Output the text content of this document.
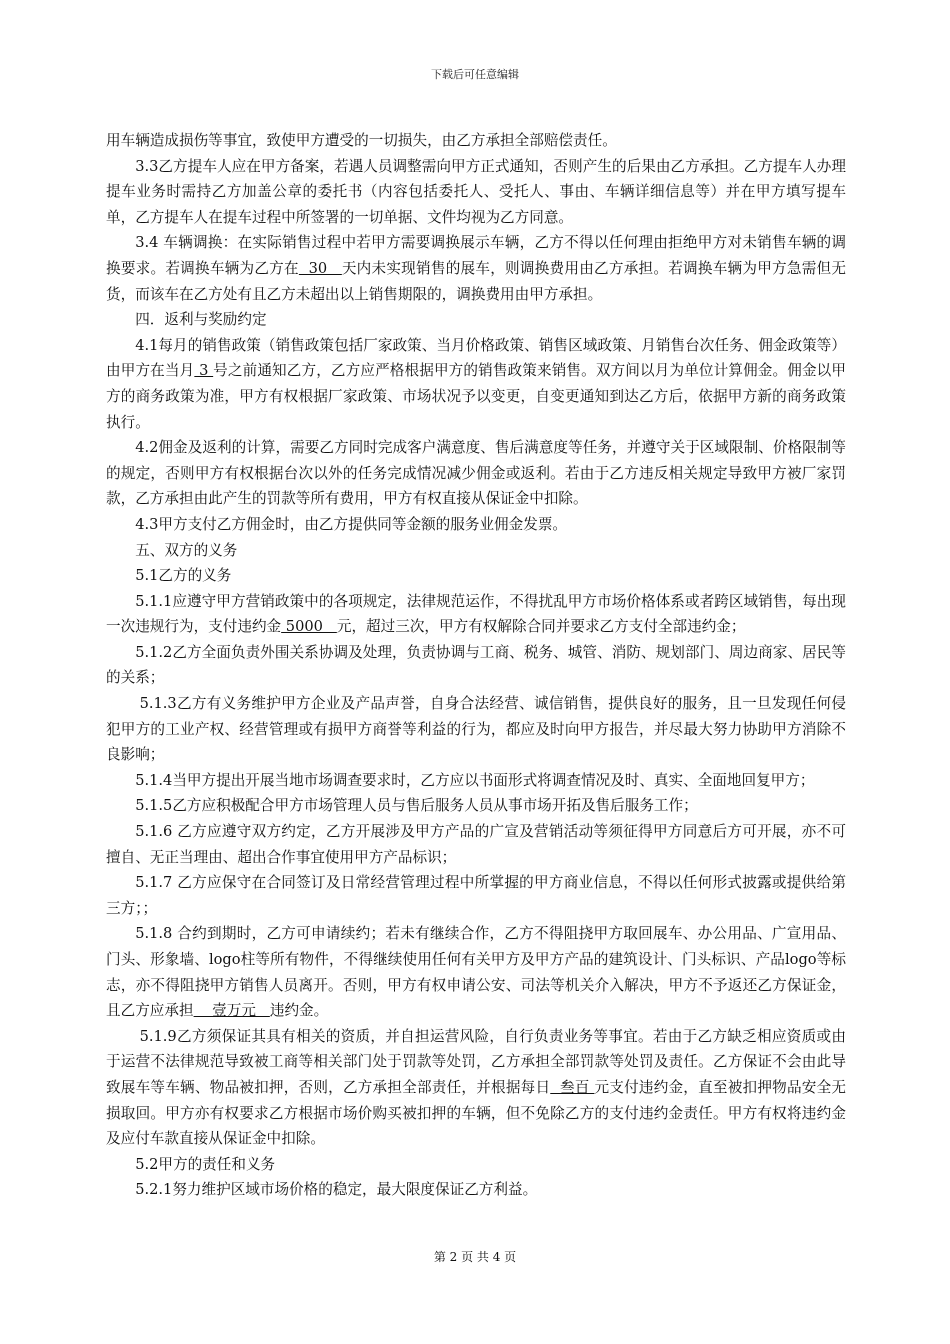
下载后可任意编辑

用车辆造成损伤等事宜，致使甲方遭受的一切损失，由乙方承担全部赔偿责任。

3.3乙方提车人应在甲方备案，若遇人员调整需向甲方正式通知，否则产生的后果由乙方承担。乙方提车人办理提车业务时需持乙方加盖公章的委托书（内容包括委托人、受托人、事由、车辆详细信息等）并在甲方填写提车单，乙方提车人在提车过程中所签署的一切单据、文件均视为乙方同意。

3.4 车辆调换：在实际销售过程中若甲方需要调换展示车辆，乙方不得以任何理由拒绝甲方对未销售车辆的调换要求。若调换车辆为乙方在  30   天内未实现销售的展车，则调换费用由乙方承担。若调换车辆为甲方急需但无货，而该车在乙方处有且乙方未超出以上销售期限的，调换费用由甲方承担。

四．返利与奖励约定

4.1每月的销售政策（销售政策包括厂家政策、当月价格政策、销售区域政策、月销售台次任务、佣金政策等）由甲方在当月 3 号之前通知乙方，乙方应严格根据甲方的销售政策来销售。双方间以月为单位计算佣金。佣金以甲方的商务政策为准，甲方有权根据厂家政策、市场状况予以变更，自变更通知到达乙方后，依据甲方新的商务政策执行。

4.2佣金及返利的计算，需要乙方同时完成客户满意度、售后满意度等任务，并遵守关于区域限制、价格限制等的规定，否则甲方有权根据台次以外的任务完成情况减少佣金或返利。若由于乙方违反相关规定导致甲方被厂家罚款，乙方承担由此产生的罚款等所有费用，甲方有权直接从保证金中扣除。

4.3甲方支付乙方佣金时，由乙方提供同等金额的服务业佣金发票。

五、双方的义务

5.1乙方的义务

5.1.1应遵守甲方营销政策中的各项规定，法律规范运作，不得扰乱甲方市场价格体系或者跨区域销售，每出现一次违规行为，支付违约金 5000   元，超过三次，甲方有权解除合同并要求乙方支付全部违约金；

5.1.2乙方全面负责外围关系协调及处理，负责协调与工商、税务、城管、消防、规划部门、周边商家、居民等的关系；

5.1.3乙方有义务维护甲方企业及产品声誉，自身合法经营、诚信销售，提供良好的服务，且一旦发现任何侵犯甲方的工业产权、经营管理或有损甲方商誉等利益的行为，都应及时向甲方报告，并尽最大努力协助甲方消除不良影响；

5.1.4当甲方提出开展当地市场调查要求时，乙方应以书面形式将调查情况及时、真实、全面地回复甲方；

5.1.5乙方应积极配合甲方市场管理人员与售后服务人员从事市场开拓及售后服务工作；

5.1.6 乙方应遵守双方约定，乙方开展涉及甲方产品的广宣及营销活动等须征得甲方同意后方可开展，亦不可擅自、无正当理由、超出合作事宜使用甲方产品标识；

5.1.7 乙方应保守在合同签订及日常经营管理过程中所掌握的甲方商业信息，不得以任何形式披露或提供给第三方；；

5.1.8 合约到期时，乙方可申请续约；若未有继续合作，乙方不得阻挠甲方取回展车、办公用品、广宣用品、门头、形象墙、logo柱等所有物件，不得继续使用任何有关甲方及甲方产品的建筑设计、门头标识、产品logo等标志，亦不得阻挠甲方销售人员离开。否则，甲方有权申请公安、司法等机关介入解决，甲方不予返还乙方保证金，且乙方应承担    壹万元   违约金。

5.1.9乙方须保证其具有相关的资质，并自担运营风险，自行负责业务等事宜。若由于乙方缺乏相应资质或由于运营不法律规范导致被工商等相关部门处于罚款等处罚，乙方承担全部罚款等处罚及责任。乙方保证不会由此导致展车等车辆、物品被扣押，否则，乙方承担全部责任，并根据每日  叁百 元支付违约金，直至被扣押物品安全无损取回。甲方亦有权要求乙方根据市场价购买被扣押的车辆，但不免除乙方的支付违约金责任。甲方有权将违约金及应付车款直接从保证金中扣除。

5.2甲方的责任和义务

5.2.1努力维护区域市场价格的稳定，最大限度保证乙方利益。

第 2 页 共 4 页
